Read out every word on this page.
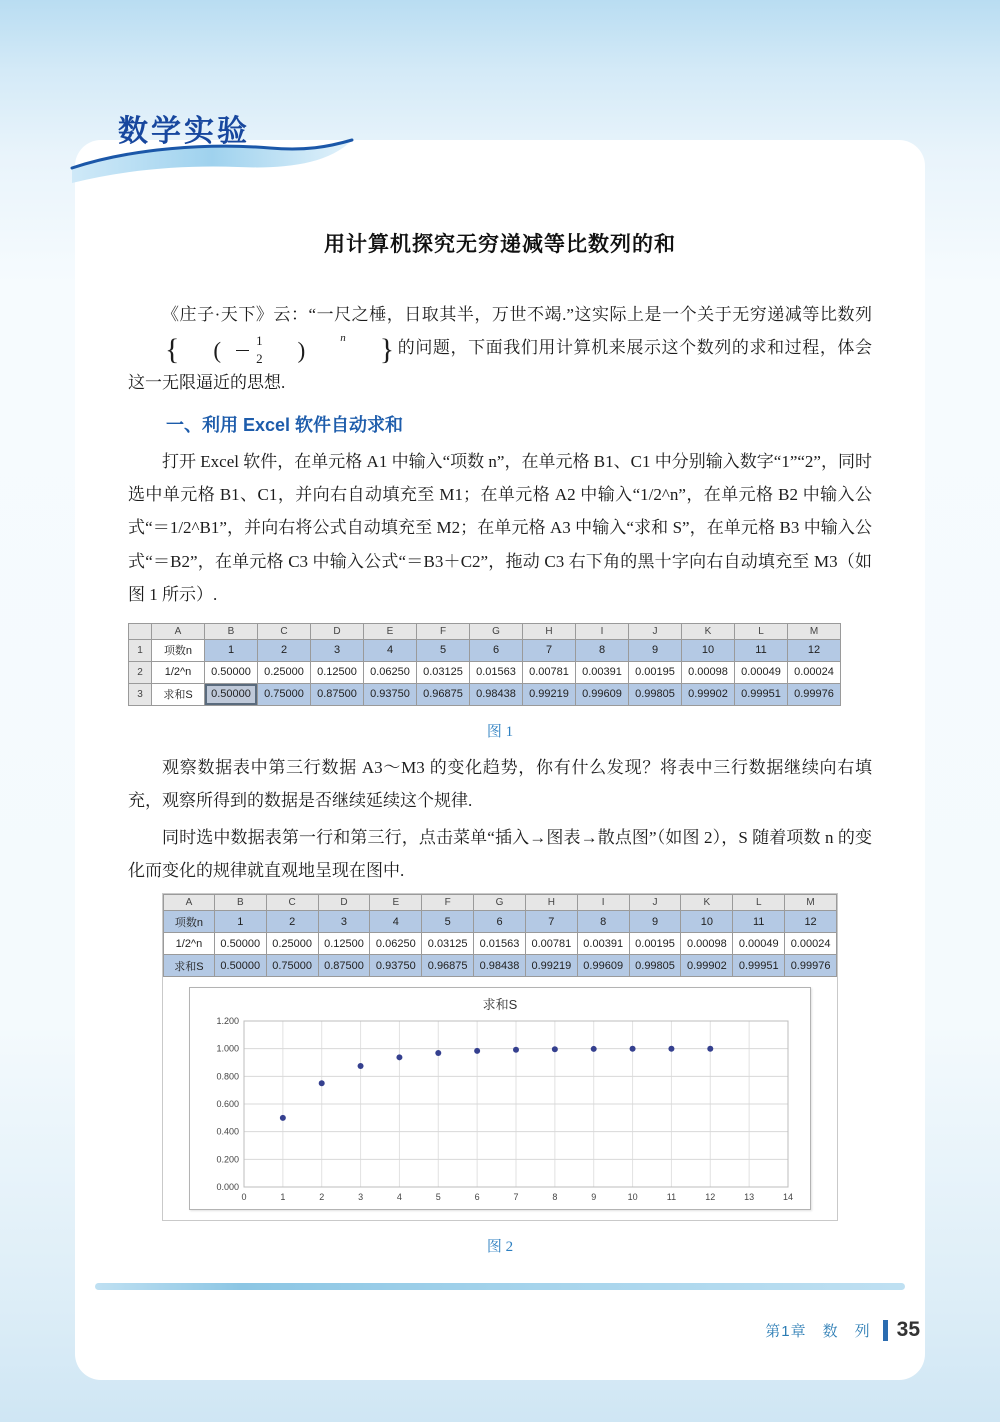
数学实验
用计算机探究无穷递减等比数列的和

《庄子·天下》云：“一尺之棰，日取其半，万世不竭.”这实际上是一个关于无穷递减等比数列
{	( $\frac{1}{2}$	)	$^n$	} 的问题，下面我们用计算机来展示这个数列的求和过程，体会这一无限逼近的思想.

一、利用 Excel 软件自动求和

打开 Excel 软件，在单元格 A1 中输入“项数 n”，在单元格 B1、C1 中分别输入数字“1”“2”，同时选中单元格 B1、C1，并向右自动填充至 M1；在单元格 A2 中输入“1/2^n”，在单元格 B2 中输入公式“＝1/2^B1”，并向右将公式自动填充至 M2；在单元格 A3 中输入“求和 S”，在单元格 B3 中输入公式“＝B2”，在单元格 C3 中输入公式“＝B3＋C2”，拖动 C3 右下角的黑十字向右自动填充至 M3（如图 1 所示）.

	A	B	C	D	E	F	G	H	I	J	K	L	M
1	项数n	1	2	3	4	5	6	7	8	9	10	11	12
2	1/2^n	0.50000	0.25000	0.12500	0.06250	0.03125	0.01563	0.00781	0.00391	0.00195	0.00098	0.00049	0.00024
3	求和S	0.50000	0.75000	0.87500	0.93750	0.96875	0.98438	0.99219	0.99609	0.99805	0.99902	0.99951	0.99976
图 1

观察数据表中第三行数据 A3～M3 的变化趋势，你有什么发现？将表中三行数据继续向右填充，观察所得到的数据是否继续延续这个规律.

同时选中数据表第一行和第三行，点击菜单“插入→图表→散点图”（如图 2），S 随着项数 n 的变化而变化的规律就直观地呈现在图中.

A	B	C	D	E	F	G	H	I	J	K	L	M
项数n	1	2	3	4	5	6	7	8	9	10	11	12
1/2^n	0.50000	0.25000	0.12500	0.06250	0.03125	0.01563	0.00781	0.00391	0.00195	0.00098	0.00049	0.00024
求和S	0.50000	0.75000	0.87500	0.93750	0.96875	0.98438	0.99219	0.99609	0.99805	0.99902	0.99951	0.99976
求和S
0.000
0.200
0.400
0.600
0.800
1.000
1.200
0	1	2	3	4	5	6	7	8	9	10	11	12	13	14
图 2
第1章　数　列 35
